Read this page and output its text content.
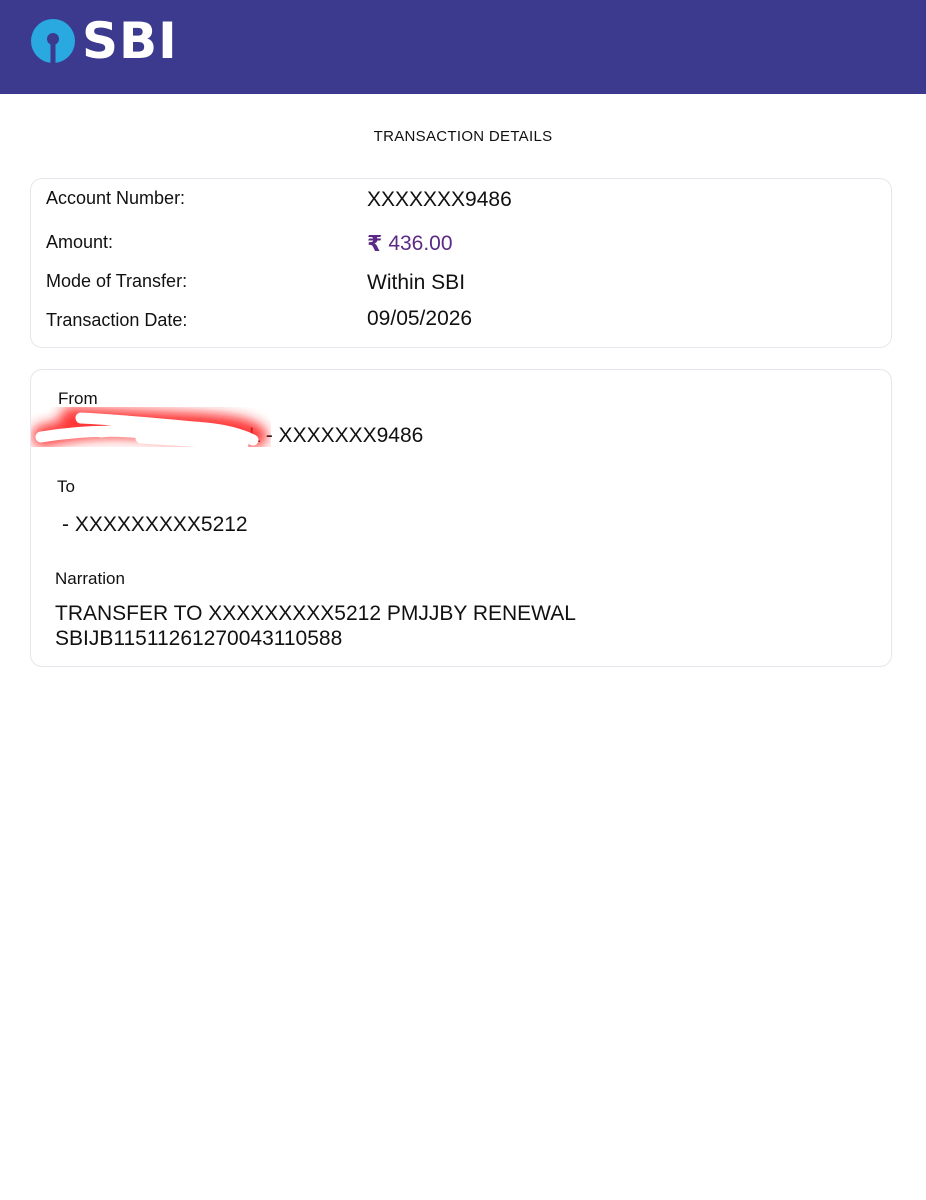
SBI
TRANSACTION DETAILS
Account Number:	XXXXXXX9486
Amount:	₹ 436.00
Mode of Transfer:	Within SBI
Transaction Date:	09/05/2026
From
L - XXXXXXX9486
To
- XXXXXXXXX5212
Narration
TRANSFER TO XXXXXXXXX5212 PMJJBY RENEWAL
SBIJB11511261270043110588
